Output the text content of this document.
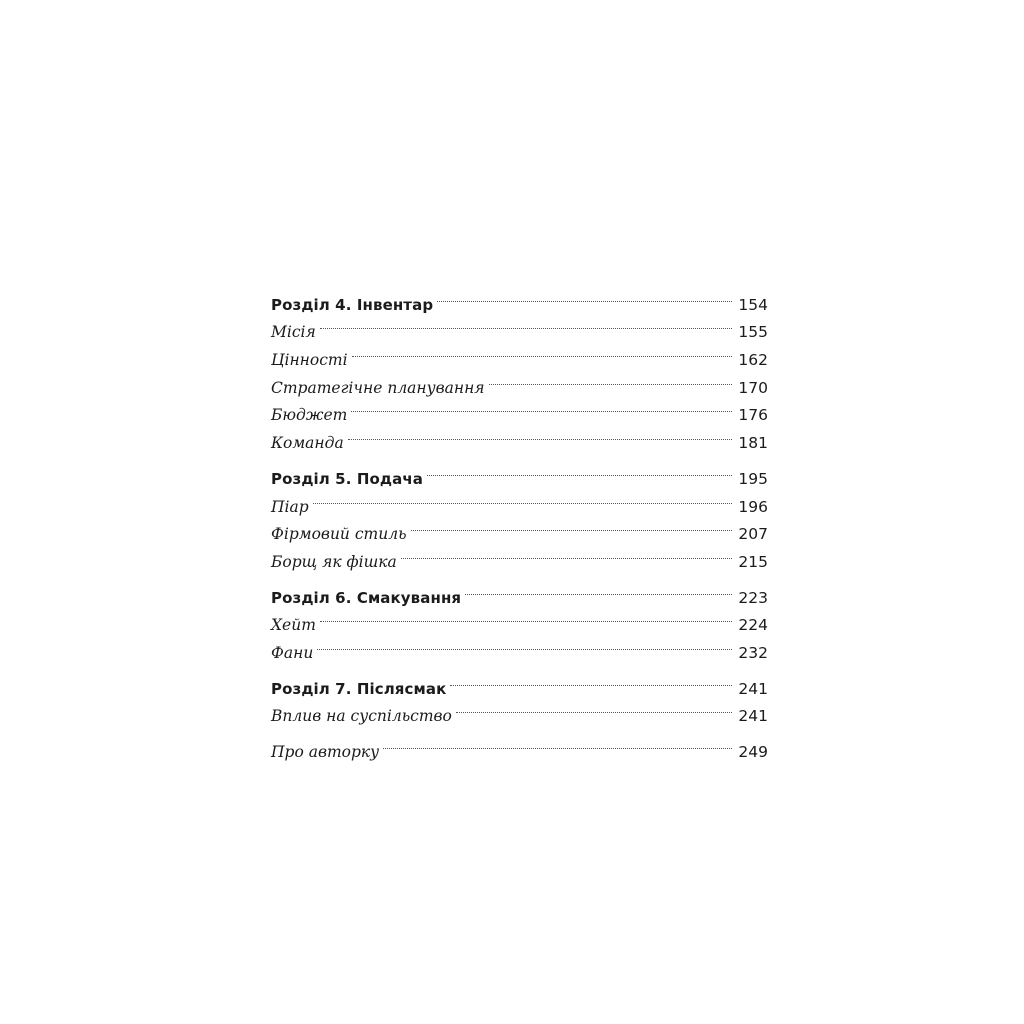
Розділ 4. Інвентар	154
Місія	155
Цінності	162
Стратегічне планування	170
Бюджет	176
Команда	181
Розділ 5. Подача	195
Піар	196
Фірмовий стиль	207
Борщ як фішка	215
Розділ 6. Смакування	223
Хейт	224
Фани	232
Розділ 7. Післясмак	241
Вплив на суспільство	241
Про авторку	249
